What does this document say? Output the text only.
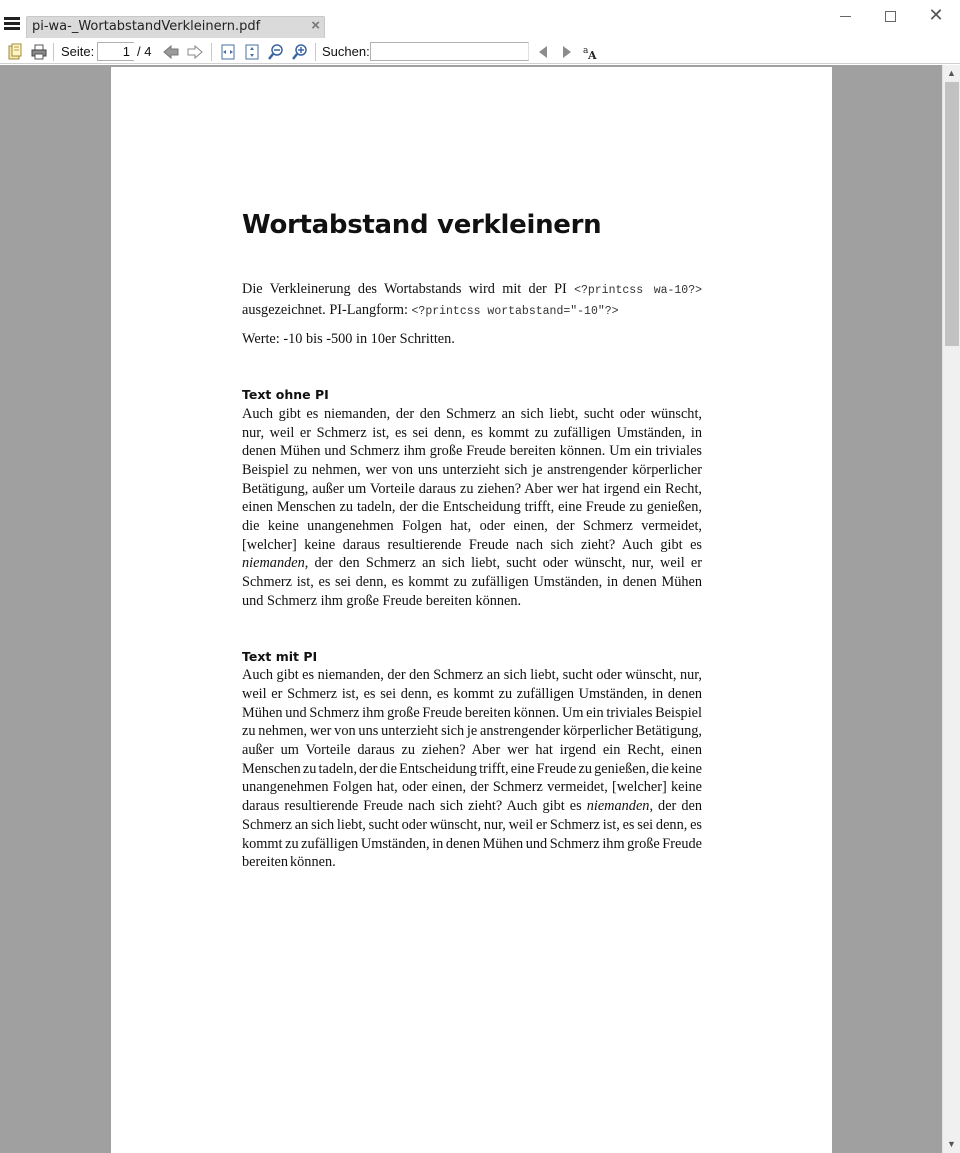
pi-wa-_WortabstandVerkleinern.pdf	×
✕
Seite:	1 / 4	Suchen:	a A
Wortabstand verkleinern

Die Verkleinerung des Wortabstands wird mit der PI <?printcss wa-10?> ausgezeichnet. PI-Langform: <?printcss wortabstand="-10"?>

Werte: -10 bis -500 in 10er Schritten.

Text ohne PI

Auch gibt es niemanden, der den Schmerz an sich liebt, sucht oder wünscht, nur, weil er Schmerz ist, es sei denn, es kommt zu zufälligen Umständen, in denen Mühen und Schmerz ihm große Freude bereiten können. Um ein triviales Beispiel zu nehmen, wer von uns unterzieht sich je anstrengender körperlicher Betätigung, außer um Vorteile daraus zu ziehen? Aber wer hat irgend ein Recht, einen Menschen zu tadeln, der die Entscheidung trifft, eine Freude zu genießen, die keine unangenehmen Folgen hat, oder einen, der Schmerz vermeidet, [welcher] keine daraus resultierende Freude nach sich zieht? Auch gibt es niemanden, der den Schmerz an sich liebt, sucht oder wünscht, nur, weil er Schmerz ist, es sei denn, es kommt zu zufälligen Umständen, in denen Mühen und Schmerz ihm große Freude bereiten können.

Text mit PI

Auch gibt es niemanden, der den Schmerz an sich liebt, sucht oder wünscht, nur, weil er Schmerz ist, es sei denn, es kommt zu zufälligen Umständen, in denen Mühen und Schmerz ihm große Freude bereiten können. Um ein triviales Beispiel zu nehmen, wer von uns unterzieht sich je anstrengender körperlicher Betätigung, außer um Vorteile daraus zu ziehen? Aber wer hat irgend ein Recht, einen Menschen zu tadeln, der die Entscheidung trifft, eine Freude zu genießen, die keine unangenehmen Folgen hat, oder einen, der Schmerz vermeidet, [welcher] keine daraus resultierende Freude nach sich zieht? Auch gibt es niemanden, der den Schmerz an sich liebt, sucht oder wünscht, nur, weil er Schmerz ist, es sei denn, es kommt zu zufälligen Umständen, in denen Mühen und Schmerz ihm große Freude bereiten können.

▲
▼
